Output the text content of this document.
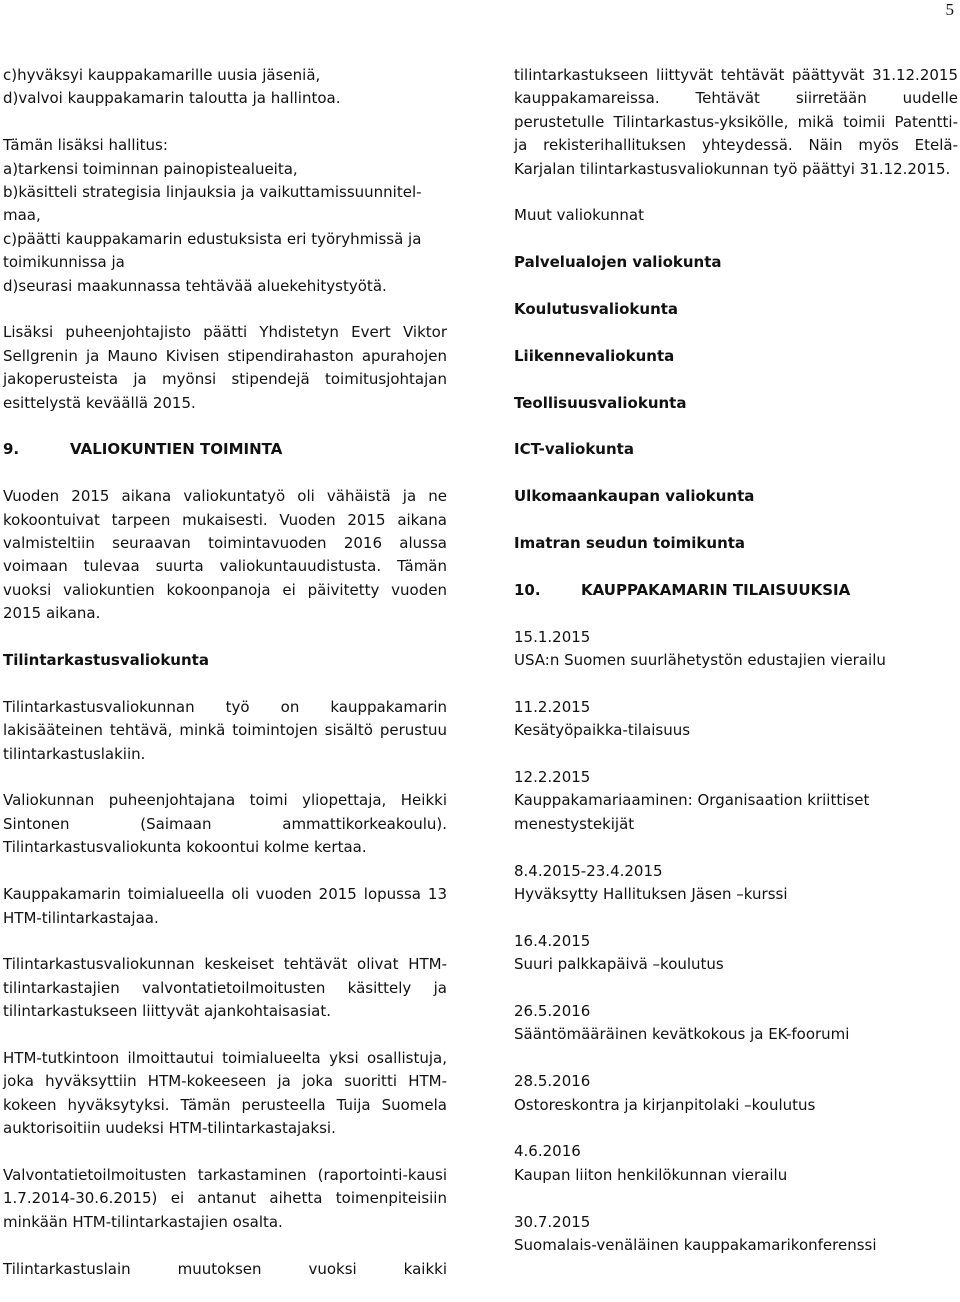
5

c)hyväksyi kauppakamarille uusia jäseniä,
d)valvoi kauppakamarin taloutta ja hallintoa.

Tämän lisäksi hallitus:
a)tarkensi toiminnan painopistealueita,
b)käsitteli strategisia linjauksia ja vaikuttamissuunnitel-maa,
c)päätti kauppakamarin edustuksista eri työryhmissä ja toimikunnissa ja
d)seurasi maakunnassa tehtävää aluekehitystyötä.

Lisäksi puheenjohtajisto päätti Yhdistetyn Evert Viktor Sellgrenin ja Mauno Kivisen stipendirahaston apurahojen jakoperusteista ja myönsi stipendejä toimitusjohtajan esittelystä keväällä 2015.

9.	VALIOKUNTIEN TOIMINTA

Vuoden 2015 aikana valiokuntatyö oli vähäistä ja ne kokoontuivat tarpeen mukaisesti. Vuoden 2015 aikana valmisteltiin seuraavan toimintavuoden 2016 alussa voimaan tulevaa suurta valiokuntauudistusta. Tämän vuoksi valiokuntien kokoonpanoja ei päivitetty vuoden 2015 aikana.

Tilintarkastusvaliokunta

Tilintarkastusvaliokunnan työ on kauppakamarin lakisääteinen tehtävä, minkä toimintojen sisältö perustuu tilintarkastuslakiin.

Valiokunnan puheenjohtajana toimi yliopettaja, Heikki Sintonen (Saimaan ammattikorkeakoulu). Tilintarkastusvaliokunta kokoontui kolme kertaa.

Kauppakamarin toimialueella oli vuoden 2015 lopussa 13 HTM-tilintarkastajaa.

Tilintarkastusvaliokunnan keskeiset tehtävät olivat HTM-tilintarkastajien valvontatietoilmoitusten käsittely ja tilintarkastukseen liittyvät ajankohtaisasiat.

HTM-tutkintoon ilmoittautui toimialueelta yksi osallistuja, joka hyväksyttiin HTM-kokeeseen ja joka suoritti HTM-kokeen hyväksytyksi. Tämän perusteella Tuija Suomela auktorisoitiin uudeksi HTM-tilintarkastajaksi.

Valvontatietoilmoitusten tarkastaminen (raportointi-kausi 1.7.2014-30.6.2015) ei antanut aihetta toimenpiteisiin minkään HTM-tilintarkastajien osalta.

Tilintarkastuslain muutoksen vuoksi kaikki

tilintarkastukseen liittyvät tehtävät päättyvät 31.12.2015 kauppakamareissa. Tehtävät siirretään uudelle perustetulle Tilintarkastus-yksikölle, mikä toimii Patentti- ja rekisterihallituksen yhteydessä. Näin myös Etelä-Karjalan tilintarkastusvaliokunnan työ päättyi 31.12.2015.

Muut valiokunnat

Palvelualojen valiokunta
Koulutusvaliokunta
Liikennevaliokunta
Teollisuusvaliokunta
ICT-valiokunta
Ulkomaankaupan valiokunta
Imatran seudun toimikunta
10.	KAUPPAKAMARIN TILAISUUKSIA
15.1.2015
USA:n Suomen suurlähetystön edustajien vierailu
11.2.2015
Kesätyöpaikka-tilaisuus
12.2.2015
Kauppakamariaaminen: Organisaation kriittiset menestystekijät
8.4.2015-23.4.2015
Hyväksytty Hallituksen Jäsen –kurssi
16.4.2015
Suuri palkkapäivä –koulutus
26.5.2016
Sääntömääräinen kevätkokous ja EK-foorumi
28.5.2016
Ostoreskontra ja kirjanpitolaki –koulutus
4.6.2016
Kaupan liiton henkilökunnan vierailu
30.7.2015
Suomalais-venäläinen kauppakamarikonferenssi
